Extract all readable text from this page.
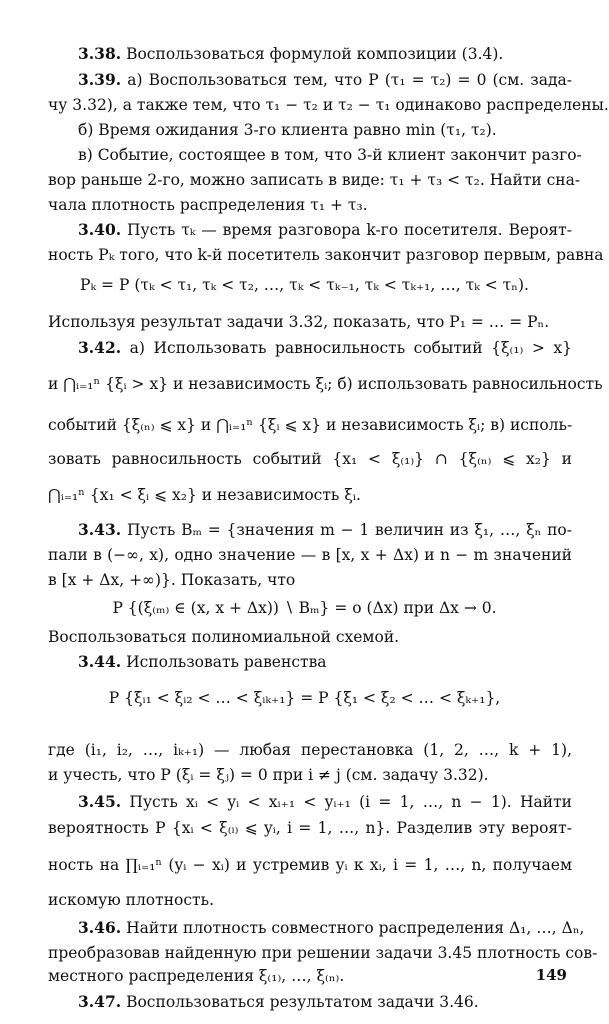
3.38. Воспользоваться формулой композиции (3.4).
3.39. а) Воспользоваться тем, что P (τ₁ = τ₂) = 0 (см. зада-
чу 3.32), а также тем, что τ₁ − τ₂ и τ₂ − τ₁ одинаково распределены.
б) Время ожидания 3-го клиента равно min (τ₁, τ₂).
в) Событие, состоящее в том, что 3-й клиент закончит разго-
вор раньше 2-го, можно записать в виде: τ₁ + τ₃ < τ₂. Найти сна-
чала плотность распределения τ₁ + τ₃.
3.40. Пусть τₖ — время разговора k-го посетителя. Вероят-
ность Pₖ того, что k-й посетитель закончит разговор первым, равна
Pₖ = P (τₖ < τ₁, τₖ < τ₂, …, τₖ < τₖ₋₁, τₖ < τₖ₊₁, …, τₖ < τₙ).
Используя результат задачи 3.32, показать, что P₁ = … = Pₙ.
3.42. а) Использовать равносильность событий {ξ₍₁₎ > x}
и ⋂ᵢ₌₁ⁿ {ξᵢ > x} и независимость ξᵢ; б) использовать равносильность
событий {ξ₍ₙ₎ ⩽ x} и ⋂ᵢ₌₁ⁿ {ξᵢ ⩽ x} и независимость ξᵢ; в) исполь-
зовать равносильность событий {x₁ < ξ₍₁₎} ∩ {ξ₍ₙ₎ ⩽ x₂} и
⋂ᵢ₌₁ⁿ {x₁ < ξᵢ ⩽ x₂} и независимость ξᵢ.
3.43. Пусть Bₘ = {значения m − 1 величин из ξ₁, …, ξₙ по-
пали в (−∞, x), одно значение — в [x, x + Δx) и n − m значений
в [x + Δx, +∞)}. Показать, что
P {(ξ₍ₘ₎ ∈ (x, x + Δx)) ∖ Bₘ} = o (Δx) при Δx → 0.
Воспользоваться полиномиальной схемой.
3.44. Использовать равенства
P {ξᵢ₁ < ξᵢ₂ < … < ξᵢₖ₊₁} = P {ξ₁ < ξ₂ < … < ξₖ₊₁},
где (i₁, i₂, …, iₖ₊₁) — любая перестановка (1, 2, …, k + 1),
и учесть, что P (ξᵢ = ξⱼ) = 0 при i ≠ j (см. задачу 3.32).
3.45. Пусть xᵢ < yᵢ < xᵢ₊₁ < yᵢ₊₁ (i = 1, …, n − 1). Найти
вероятность P {xᵢ < ξ₍ᵢ₎ ⩽ yᵢ, i = 1, …, n}. Разделив эту вероят-
ность на ∏ᵢ₌₁ⁿ (yᵢ − xᵢ) и устремив yᵢ к xᵢ, i = 1, …, n, получаем
искомую плотность.
3.46. Найти плотность совместного распределения Δ₁, …, Δₙ,
преобразовав найденную при решении задачи 3.45 плотность сов-
местного распределения ξ₍₁₎, …, ξ₍ₙ₎.
3.47. Воспользоваться результатом задачи 3.46.
149
